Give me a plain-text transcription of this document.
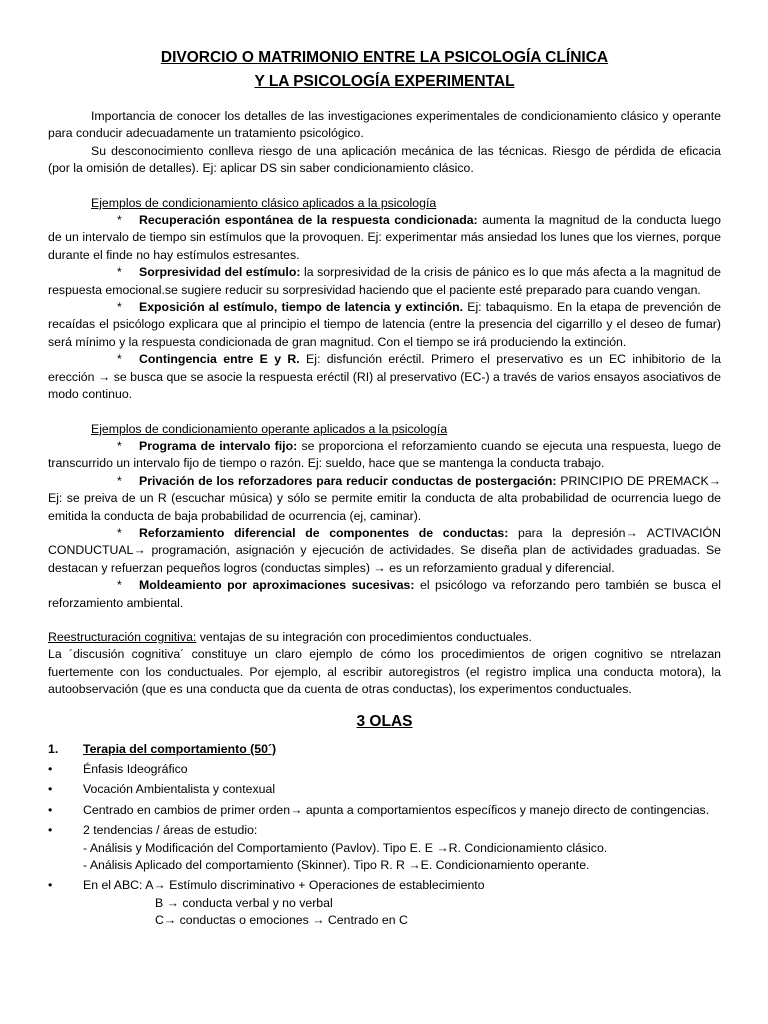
DIVORCIO O MATRIMONIO ENTRE LA PSICOLOGÍA CLÍNICA
Y LA PSICOLOGÍA EXPERIMENTAL

Importancia de conocer los detalles de las investigaciones experimentales de condicionamiento clásico y operante para conducir adecuadamente un tratamiento psicológico.

Su desconocimiento conlleva riesgo de una aplicación mecánica de las técnicas. Riesgo de pérdida de eficacia (por la omisión de detalles). Ej: aplicar DS sin saber condicionamiento clásico.

Ejemplos de condicionamiento clásico aplicados a la psicología

* Recuperación espontánea de la respuesta condicionada: aumenta la magnitud de la conducta luego de un intervalo de tiempo sin estímulos que la provoquen. Ej: experimentar más ansiedad los lunes que los viernes, porque durante el finde no hay estímulos estresantes.

* Sorpresividad del estímulo: la sorpresividad de la crisis de pánico es lo que más afecta a la magnitud de respuesta emocional.se sugiere reducir su sorpresividad haciendo que el paciente esté preparado para cuando vengan.

* Exposición al estímulo, tiempo de latencia y extinción. Ej: tabaquismo. En la etapa de prevención de recaídas el psicólogo explicara que al principio el tiempo de latencia (entre la presencia del cigarrillo y el deseo de fumar) será mínimo y la respuesta condicionada de gran magnitud. Con el tiempo se irá produciendo la extinción.

* Contingencia entre E y R. Ej: disfunción eréctil. Primero el preservativo es un EC inhibitorio de la erección → se busca que se asocie la respuesta eréctil (RI) al preservativo (EC-) a través de varios ensayos asociativos de modo continuo.

Ejemplos de condicionamiento operante aplicados a la psicología

* Programa de intervalo fijo: se proporciona el reforzamiento cuando se ejecuta una respuesta, luego de transcurrido un intervalo fijo de tiempo o razón. Ej: sueldo, hace que se mantenga la conducta trabajo.

* Privación de los reforzadores para reducir conductas de postergación: PRINCIPIO DE PREMACK→ Ej: se preiva de un R (escuchar música) y sólo se permite emitir la conducta de alta probabilidad de ocurrencia luego de emitida la conducta de baja probabilidad de ocurrencia (ej, caminar).

* Reforzamiento diferencial de componentes de conductas: para la depresión→ ACTIVACIÓN CONDUCTUAL→ programación, asignación y ejecución de actividades. Se diseña plan de actividades graduadas. Se destacan y refuerzan pequeños logros (conductas simples) → es un reforzamiento gradual y diferencial.

* Moldeamiento por aproximaciones sucesivas: el psicólogo va reforzando pero también se busca el reforzamiento ambiental.

Reestructuración cognitiva: ventajas de su integración con procedimientos conductuales.

La ´discusión cognitiva´ constituye un claro ejemplo de cómo los procedimientos de origen cognitivo se ntrelazan fuertemente con los conductuales. Por ejemplo, al escribir autoregistros (el registro implica una conducta motora), la autoobservación (que es una conducta que da cuenta de otras conductas), los experimentos conductuales.

3 OLAS
1.	Terapia del comportamiento (50´)
•	Énfasis Ideográfico
•	Vocación Ambientalista y contexual
•	Centrado en cambios de primer orden→ apunta a comportamientos específicos y manejo directo de contingencias.
•	2 tendencias / áreas de estudio:
- Análisis y Modificación del Comportamiento (Pavlov). Tipo E. E →R. Condicionamiento clásico.
- Análisis Aplicado del comportamiento (Skinner). Tipo R. R →E. Condicionamiento operante.
•	En el ABC: A→ Estímulo discriminativo + Operaciones de establecimiento
B → conducta verbal y no verbal
C→ conductas o emociones → Centrado en C
